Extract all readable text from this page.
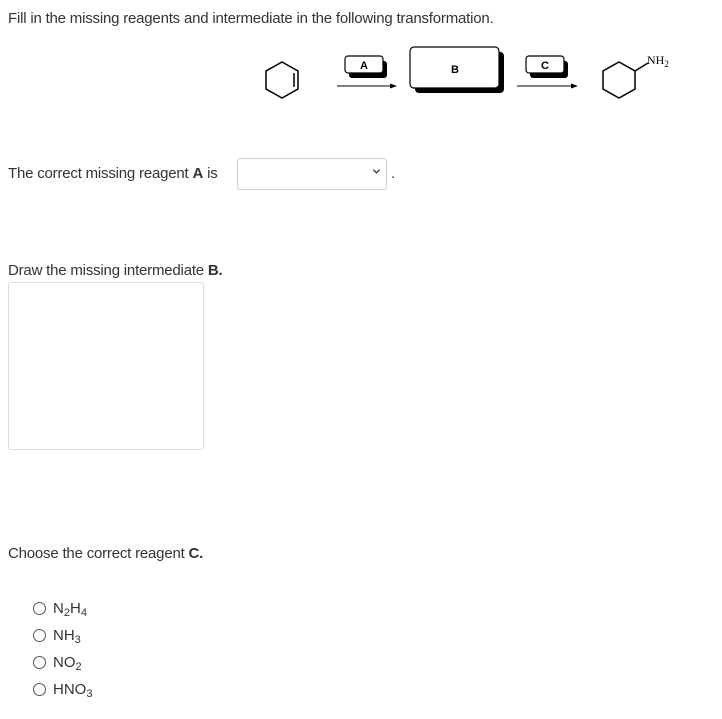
Fill in the missing reagents and intermediate in the following transformation.
A	B	C	$NH_2$
The correct missing reagent A is	.
Draw the missing intermediate B.
Choose the correct reagent C.
$N_2H_4$
$NH_3$
$NO_2$
$HNO_3$
